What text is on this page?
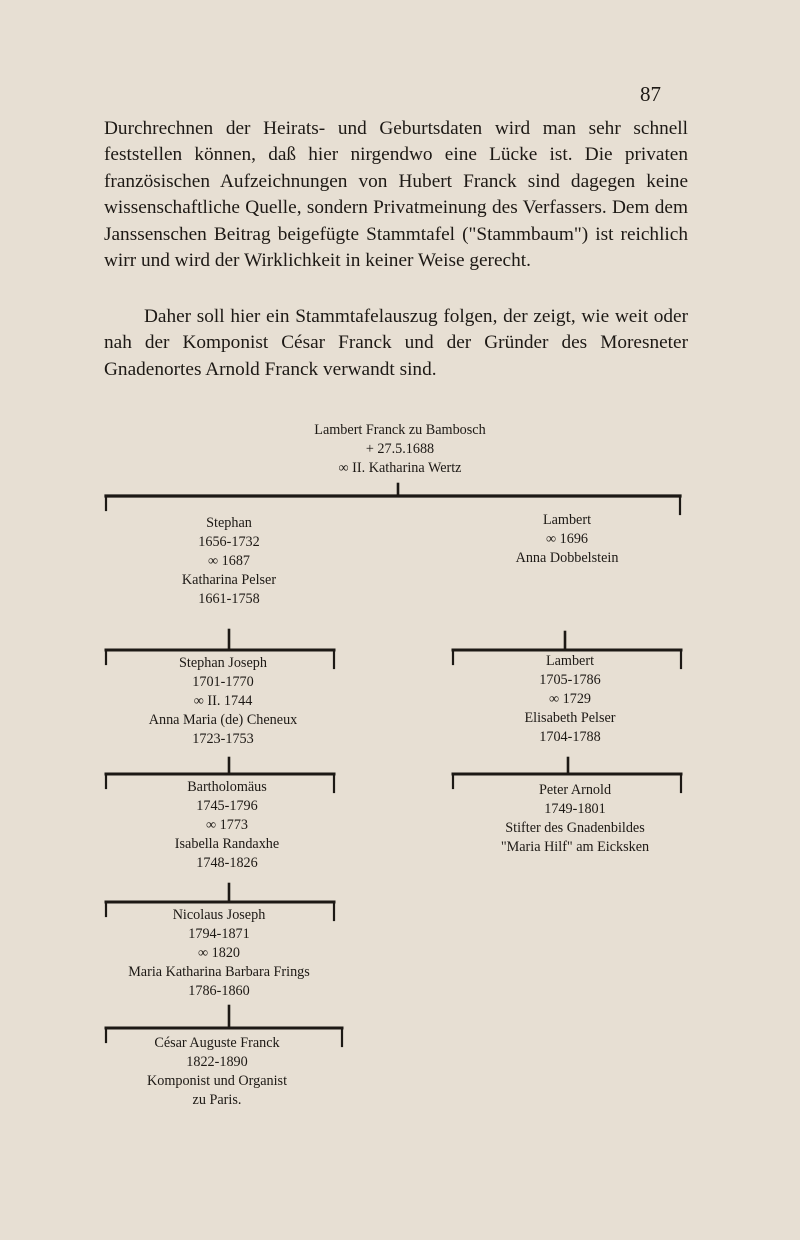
87

Durchrechnen der Heirats- und Geburtsdaten wird man sehr schnell feststellen können, daß hier nirgendwo eine Lücke ist. Die privaten französischen Aufzeichnungen von Hubert Franck sind dagegen keine wissenschaftliche Quelle, sondern Privatmeinung des Verfassers. Dem dem Janssenschen Beitrag beigefügte Stammtafel ("Stammbaum") ist reichlich wirr und wird der Wirklichkeit in keiner Weise gerecht.

Daher soll hier ein Stammtafelauszug folgen, der zeigt, wie weit oder nah der Komponist César Franck und der Gründer des Moresneter Gnadenortes Arnold Franck verwandt sind.

Lambert Franck zu Bambosch
+ 27.5.1688
∞ II. Katharina Wertz
Stephan
1656-1732
∞ 1687
Katharina Pelser
1661-1758
Lambert
∞ 1696
Anna Dobbelstein
Stephan Joseph
1701-1770
∞ II. 1744
Anna Maria (de) Cheneux
1723-1753
Lambert
1705-1786
∞ 1729
Elisabeth Pelser
1704-1788
Bartholomäus
1745-1796
∞ 1773
Isabella Randaxhe
1748-1826
Peter Arnold
1749-1801
Stifter des Gnadenbildes
"Maria Hilf" am Eicksken
Nicolaus Joseph
1794-1871
∞ 1820
Maria Katharina Barbara Frings
1786-1860
César Auguste Franck
1822-1890
Komponist und Organist
zu Paris.
